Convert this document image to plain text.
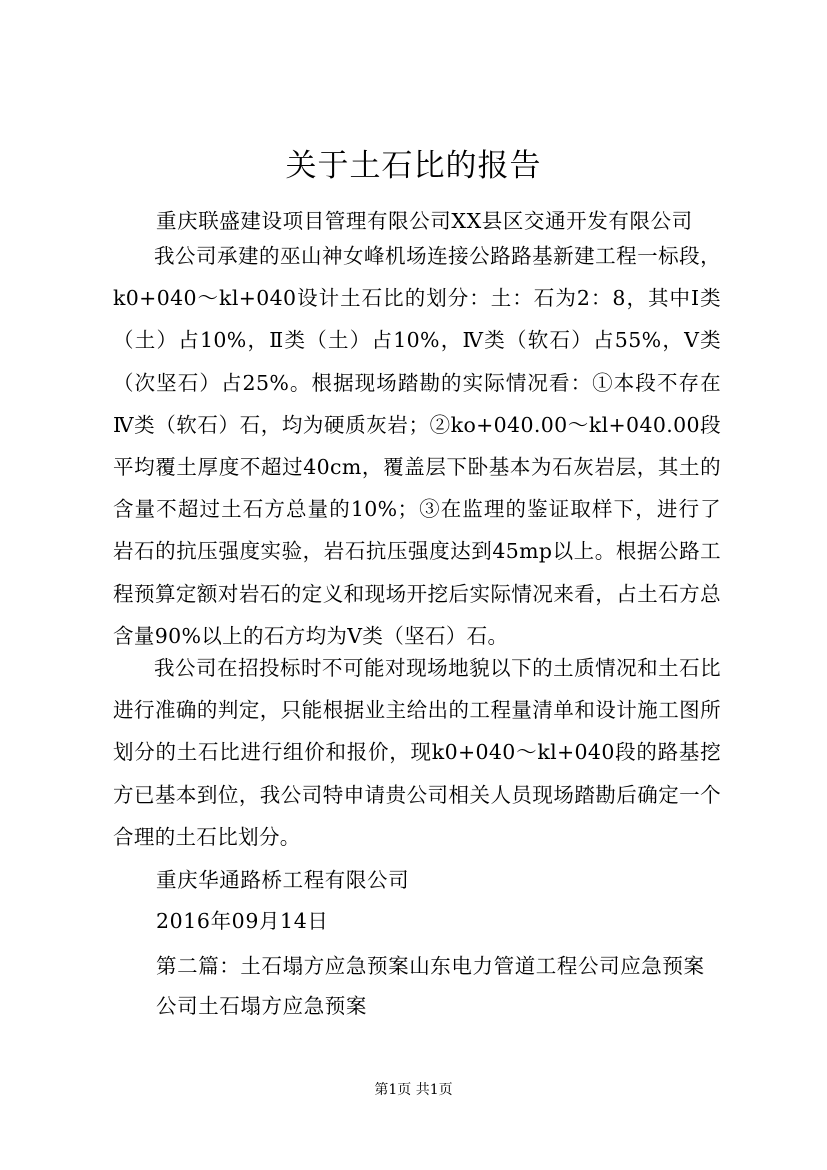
关于土石比的报告
重庆联盛建设项目管理有限公司XX县区交通开发有限公司

我公司承建的巫山神女峰机场连接公路路基新建工程一标段，k0+040～kl+040设计土石比的划分：土：石为2：8，其中Ⅰ类（土）占10%，Ⅱ类（土）占10%，Ⅳ类（软石）占55%，Ⅴ类（次坚石）占25%。根据现场踏勘的实际情况看：①本段不存在Ⅳ类（软石）石，均为硬质灰岩；②ko+040.00～kl+040.00段平均覆土厚度不超过40cm，覆盖层下卧基本为石灰岩层，其土的含量不超过土石方总量的10%；③在监理的鉴证取样下，进行了岩石的抗压强度实验，岩石抗压强度达到45mp以上。根据公路工程预算定额对岩石的定义和现场开挖后实际情况来看，占土石方总含量90%以上的石方均为Ⅴ类（坚石）石。

我公司在招投标时不可能对现场地貌以下的土质情况和土石比进行准确的判定，只能根据业主给出的工程量清单和设计施工图所划分的土石比进行组价和报价，现k0+040～kl+040段的路基挖方已基本到位，我公司特申请贵公司相关人员现场踏勘后确定一个合理的土石比划分。

重庆华通路桥工程有限公司
2016年09月14日
第二篇：土石塌方应急预案山东电力管道工程公司应急预案
公司土石塌方应急预案
第1页 共1页
